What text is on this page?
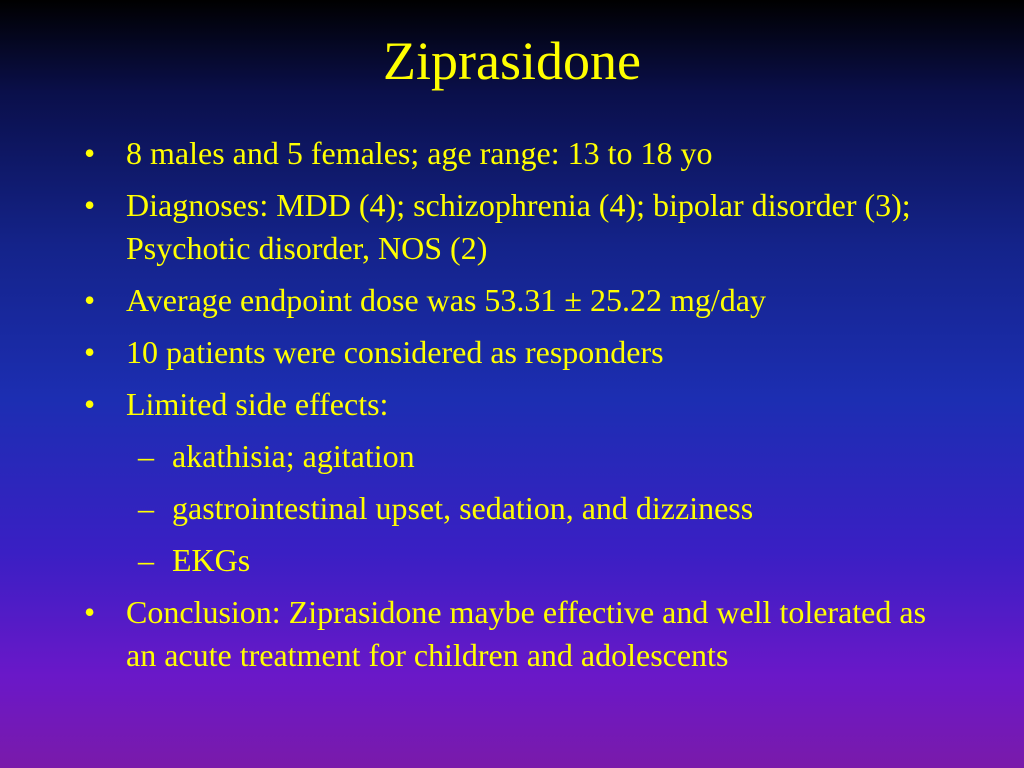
Ziprasidone
• 8 males and 5 females; age range: 13 to 18 yo
• Diagnoses: MDD (4); schizophrenia (4); bipolar disorder (3); Psychotic disorder, NOS (2)
• Average endpoint dose was 53.31 ± 25.22 mg/day
• 10 patients were considered as responders
• Limited side effects:
– akathisia; agitation
– gastrointestinal upset, sedation, and dizziness
– EKGs
• Conclusion: Ziprasidone maybe effective and well tolerated as an acute treatment for children and adolescents
